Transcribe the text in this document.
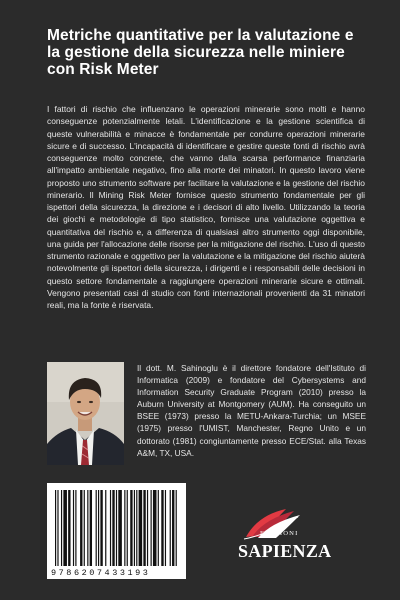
Metriche quantitative per la valutazione e la gestione della sicurezza nelle miniere con Risk Meter

I fattori di rischio che influenzano le operazioni minerarie sono molti e hanno conseguenze potenzialmente letali. L'identificazione e la gestione scientifica di queste vulnerabilità e minacce è fondamentale per condurre operazioni minerarie sicure e di successo. L'incapacità di identificare e gestire queste fonti di rischio avrà conseguenze molto concrete, che vanno dalla scarsa performance finanziaria all'impatto ambientale negativo, fino alla morte dei minatori. In questo lavoro viene proposto uno strumento software per facilitare la valutazione e la gestione del rischio minerario. Il Mining Risk Meter fornisce questo strumento fondamentale per gli ispettori della sicurezza, la direzione e i decisori di alto livello. Utilizzando la teoria dei giochi e metodologie di tipo statistico, fornisce una valutazione oggettiva e quantitativa del rischio e, a differenza di qualsiasi altro strumento oggi disponibile, una guida per l'allocazione delle risorse per la mitigazione del rischio. L'uso di questo strumento razionale e oggettivo per la valutazione e la mitigazione del rischio aiuterà notevolmente gli ispettori della sicurezza, i dirigenti e i responsabili delle decisioni in questo settore fondamentale a raggiungere operazioni minerarie sicure e ottimali. Vengono presentati casi di studio con fonti internazionali provenienti da 31 minatori reali, ma la fonte è riservata.

Il dott. M. Sahinoglu è il direttore fondatore dell'Istituto di Informatica (2009) e fondatore del Cybersystems and Information Security Graduate Program (2010) presso la Auburn University at Montgomery (AUM). Ha conseguito un BSEE (1973) presso la METU-Ankara-Turchia; un MSEE (1975) presso l'UMIST, Manchester, Regno Unito e un dottorato (1981) congiuntamente presso ECE/Stat. alla Texas A&M, TX, USA.

9786207433193
EDIZIONI
SAPIENZA
